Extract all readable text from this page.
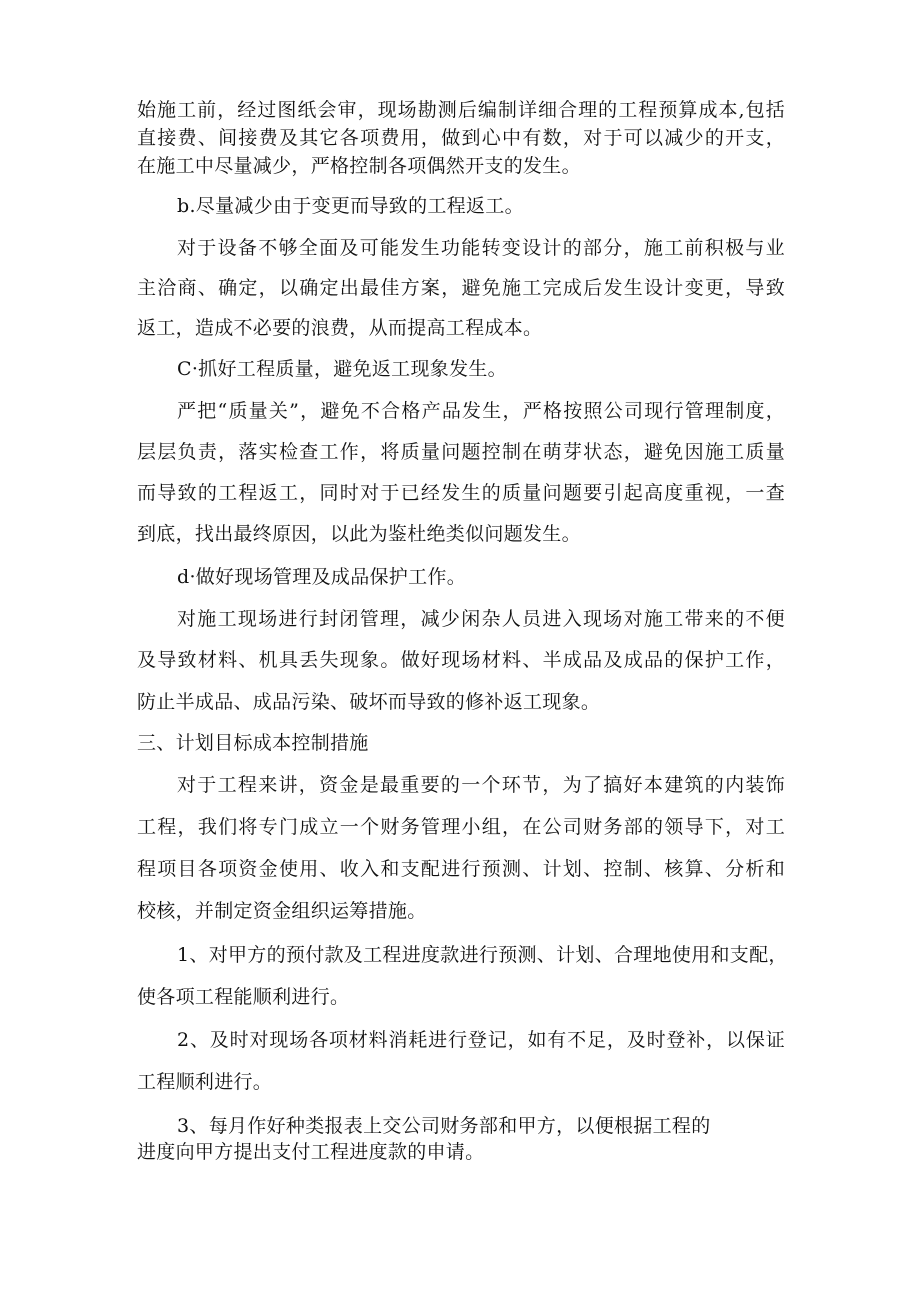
始施工前，经过图纸会审，现场勘测后编制详细合理的工程预算成本,包括
直接费、间接费及其它各项费用，做到心中有数，对于可以减少的开支，
在施工中尽量减少，严格控制各项偶然开支的发生。
b.尽量减少由于变更而导致的工程返工。
对于设备不够全面及可能发生功能转变设计的部分，施工前积极与业
主洽商、确定，以确定出最佳方案，避免施工完成后发生设计变更，导致
返工，造成不必要的浪费，从而提高工程成本。
C·抓好工程质量，避免返工现象发生。
严把“质量关”，避免不合格产品发生，严格按照公司现行管理制度，
层层负责，落实检查工作，将质量问题控制在萌芽状态，避免因施工质量
而导致的工程返工，同时对于已经发生的质量问题要引起高度重视，一查
到底，找出最终原因，以此为鉴杜绝类似问题发生。
d·做好现场管理及成品保护工作。
对施工现场进行封闭管理，减少闲杂人员进入现场对施工带来的不便
及导致材料、机具丢失现象。做好现场材料、半成品及成品的保护工作，
防止半成品、成品污染、破坏而导致的修补返工现象。
三、计划目标成本控制措施
对于工程来讲，资金是最重要的一个环节，为了搞好本建筑的内装饰
工程，我们将专门成立一个财务管理小组，在公司财务部的领导下，对工
程项目各项资金使用、收入和支配进行预测、计划、控制、核算、分析和
校核，并制定资金组织运筹措施。
1、对甲方的预付款及工程进度款进行预测、计划、合理地使用和支配，
使各项工程能顺利进行。
2、及时对现场各项材料消耗进行登记，如有不足，及时登补，以保证
工程顺利进行。
3、每月作好种类报表上交公司财务部和甲方，以便根据工程的
进度向甲方提出支付工程进度款的申请。
